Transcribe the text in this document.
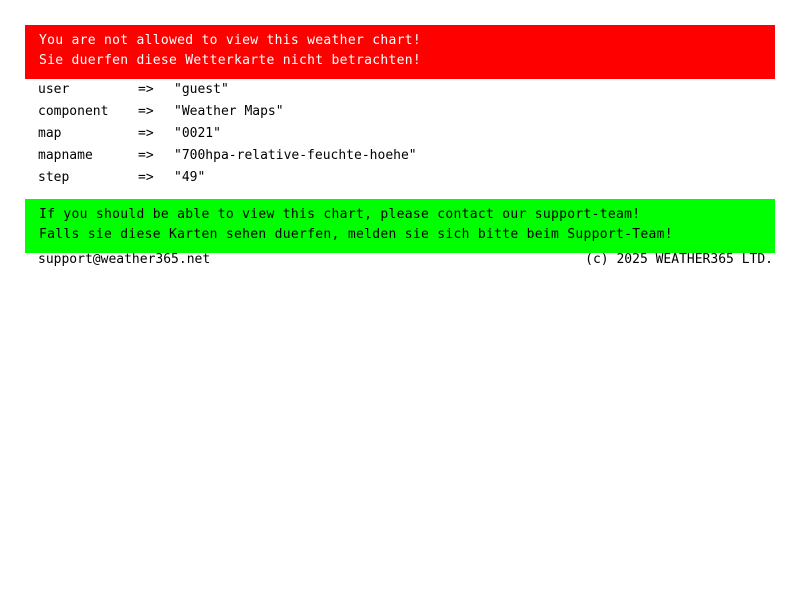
You are not allowed to view this weather chart!
Sie duerfen diese Wetterkarte nicht betrachten!
user	=>	"guest"
component	=>	"Weather Maps"
map	=>	"0021"
mapname	=>	"700hpa-relative-feuchte-hoehe"
step	=>	"49"
If you should be able to view this chart, please contact our support-team!
Falls sie diese Karten sehen duerfen, melden sie sich bitte beim Support-Team!
support@weather365.net	(c) 2025 WEATHER365 LTD.
